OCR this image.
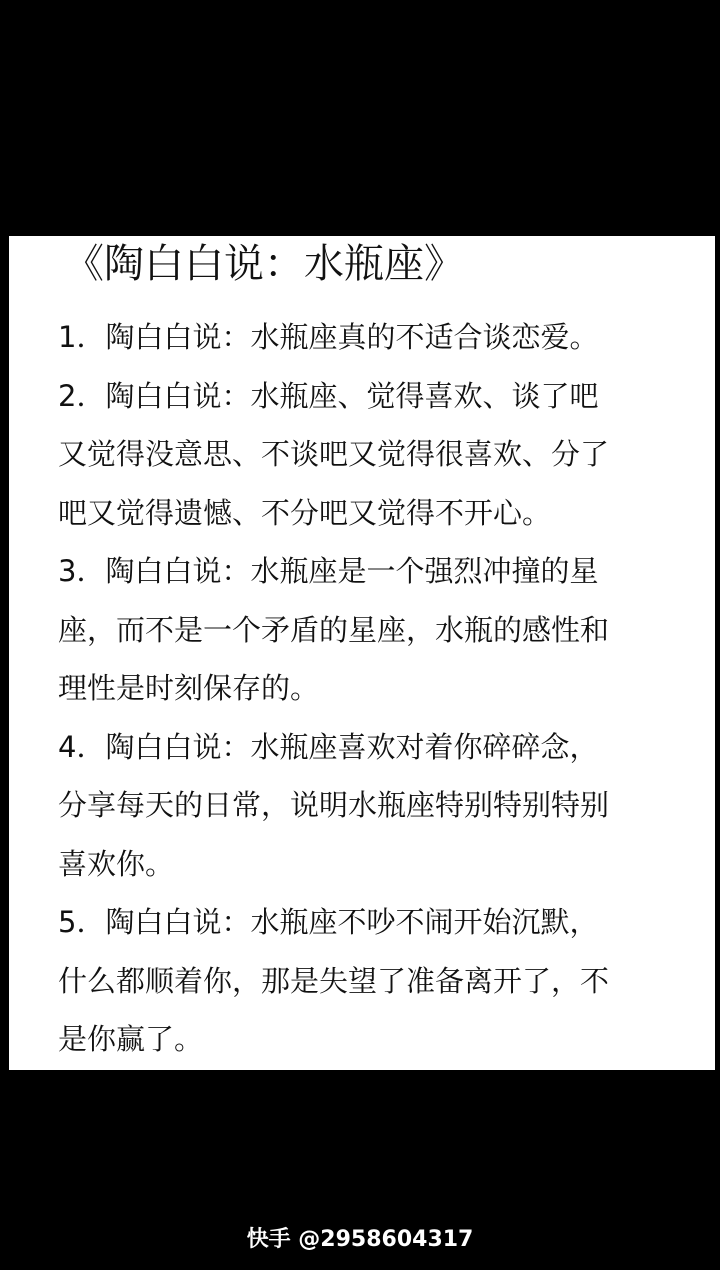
《陶白白说：水瓶座》
1．陶白白说：水瓶座真的不适合谈恋爱。
2．陶白白说：水瓶座、觉得喜欢、谈了吧
又觉得没意思、不谈吧又觉得很喜欢、分了
吧又觉得遗憾、不分吧又觉得不开心。
3．陶白白说：水瓶座是一个强烈冲撞的星
座，而不是一个矛盾的星座，水瓶的感性和
理性是时刻保存的。
4．陶白白说：水瓶座喜欢对着你碎碎念，
分享每天的日常，说明水瓶座特别特别特别
喜欢你。
5．陶白白说：水瓶座不吵不闹开始沉默，
什么都顺着你，那是失望了准备离开了，不
是你赢了。
快手 @2958604317
